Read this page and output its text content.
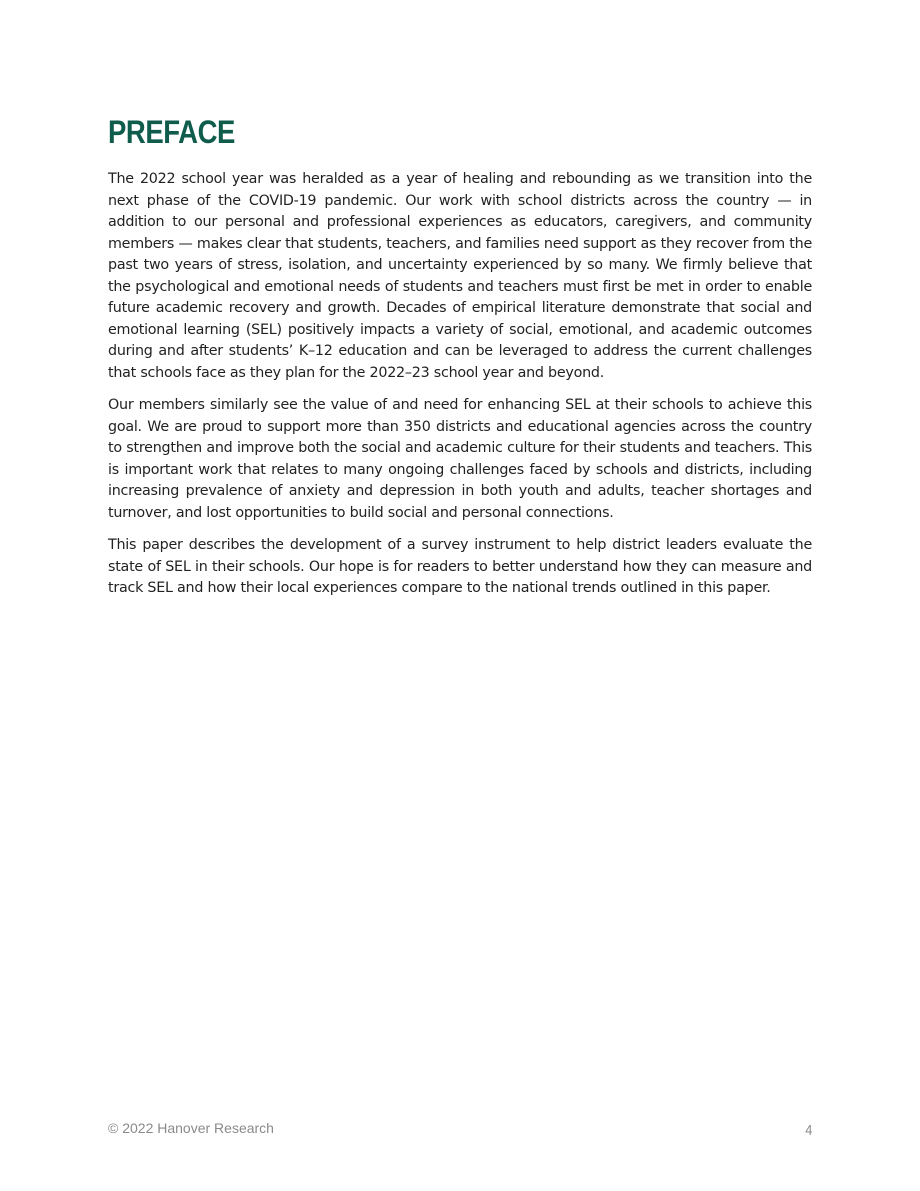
PREFACE

The 2022 school year was heralded as a year of healing and rebounding as we transition into the next phase of the COVID-19 pandemic. Our work with school districts across the country — in addition to our personal and professional experiences as educators, caregivers, and community members — makes clear that students, teachers, and families need support as they recover from the past two years of stress, isolation, and uncertainty experienced by so many. We firmly believe that the psychological and emotional needs of students and teachers must first be met in order to enable future academic recovery and growth. Decades of empirical literature demonstrate that social and emotional learning (SEL) positively impacts a variety of social, emotional, and academic outcomes during and after students’ K–12 education and can be leveraged to address the current challenges that schools face as they plan for the 2022–23 school year and beyond.

Our members similarly see the value of and need for enhancing SEL at their schools to achieve this goal. We are proud to support more than 350 districts and educational agencies across the country to strengthen and improve both the social and academic culture for their students and teachers. This is important work that relates to many ongoing challenges faced by schools and districts, including increasing prevalence of anxiety and depression in both youth and adults, teacher shortages and turnover, and lost opportunities to build social and personal connections.

This paper describes the development of a survey instrument to help district leaders evaluate the state of SEL in their schools. Our hope is for readers to better understand how they can measure and track SEL and how their local experiences compare to the national trends outlined in this paper.

© 2022 Hanover Research	4
